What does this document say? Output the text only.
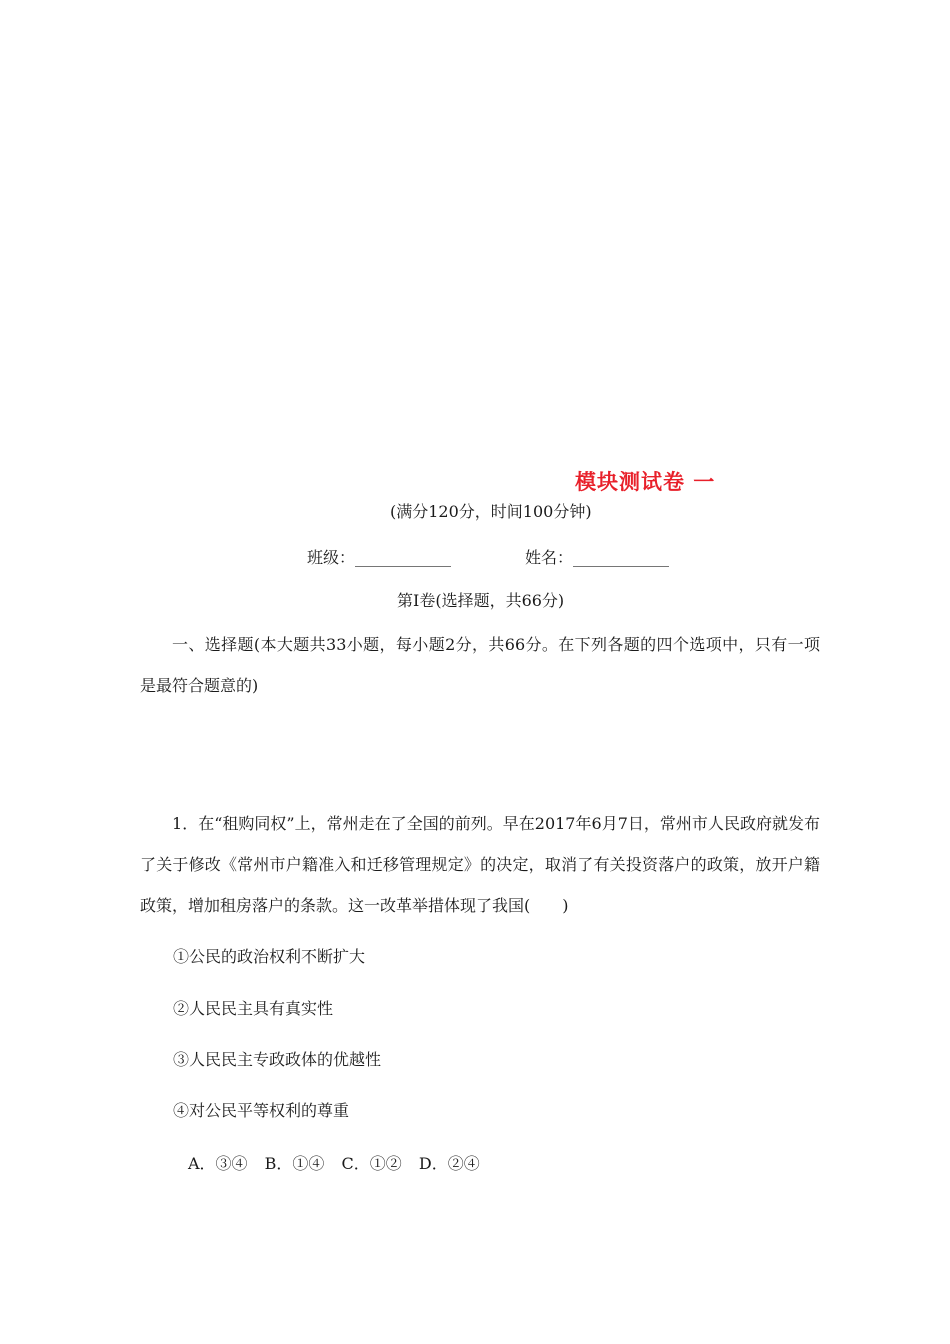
模块测试卷 一
(满分120分，时间100分钟)
班级：____________	姓名：____________
第Ⅰ卷(选择题，共66分)
一、选择题(本大题共33小题，每小题2分，共66分。在下列各题的四个选项中，只有一项是最符合题意的)
1．在“租购同权”上，常州走在了全国的前列。早在2017年6月7日，常州市人民政府就发布了关于修改《常州市户籍准入和迁移管理规定》的决定，取消了有关投资落户的政策，放开户籍政策，增加租房落户的条款。这一改革举措体现了我国(　　)
①公民的政治权利不断扩大
②人民民主具有真实性
③人民民主专政政体的优越性
④对公民平等权利的尊重
A．③④ B．①④ C．①② D．②④
